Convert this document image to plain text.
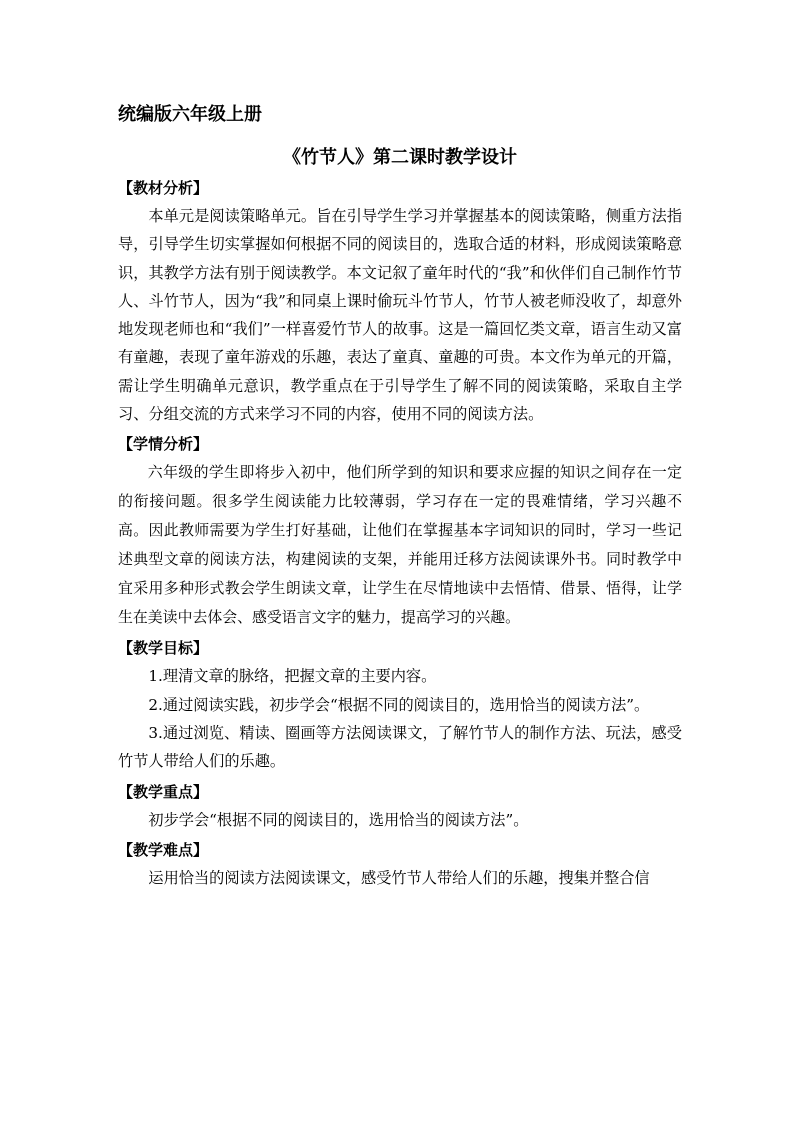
统编版六年级上册

《竹节人》第二课时教学设计

【教材分析】

本单元是阅读策略单元。旨在引导学生学习并掌握基本的阅读策略，侧重方法指导，引导学生切实掌握如何根据不同的阅读目的，选取合适的材料，形成阅读策略意识，其教学方法有别于阅读教学。本文记叙了童年时代的“我”和伙伴们自己制作竹节人、斗竹节人，因为“我”和同桌上课时偷玩斗竹节人，竹节人被老师没收了，却意外地发现老师也和“我们”一样喜爱竹节人的故事。这是一篇回忆类文章，语言生动又富有童趣，表现了童年游戏的乐趣，表达了童真、童趣的可贵。本文作为单元的开篇，需让学生明确单元意识，教学重点在于引导学生了解不同的阅读策略，采取自主学习、分组交流的方式来学习不同的内容，使用不同的阅读方法。

【学情分析】

六年级的学生即将步入初中，他们所学到的知识和要求应握的知识之间存在一定的衔接问题。很多学生阅读能力比较薄弱，学习存在一定的畏难情绪，学习兴趣不高。因此教师需要为学生打好基础，让他们在掌握基本字词知识的同时，学习一些记述典型文章的阅读方法，构建阅读的支架，并能用迁移方法阅读课外书。同时教学中宜采用多种形式教会学生朗读文章，让学生在尽情地读中去悟情、借景、悟得，让学生在美读中去体会、感受语言文字的魅力，提高学习的兴趣。

【教学目标】

1.理清文章的脉络，把握文章的主要内容。

2.通过阅读实践，初步学会“根据不同的阅读目的，选用恰当的阅读方法”。

3.通过浏览、精读、圈画等方法阅读课文，了解竹节人的制作方法、玩法，感受竹节人带给人们的乐趣。

【教学重点】

初步学会“根据不同的阅读目的，选用恰当的阅读方法”。

【教学难点】

运用恰当的阅读方法阅读课文，感受竹节人带给人们的乐趣，搜集并整合信
